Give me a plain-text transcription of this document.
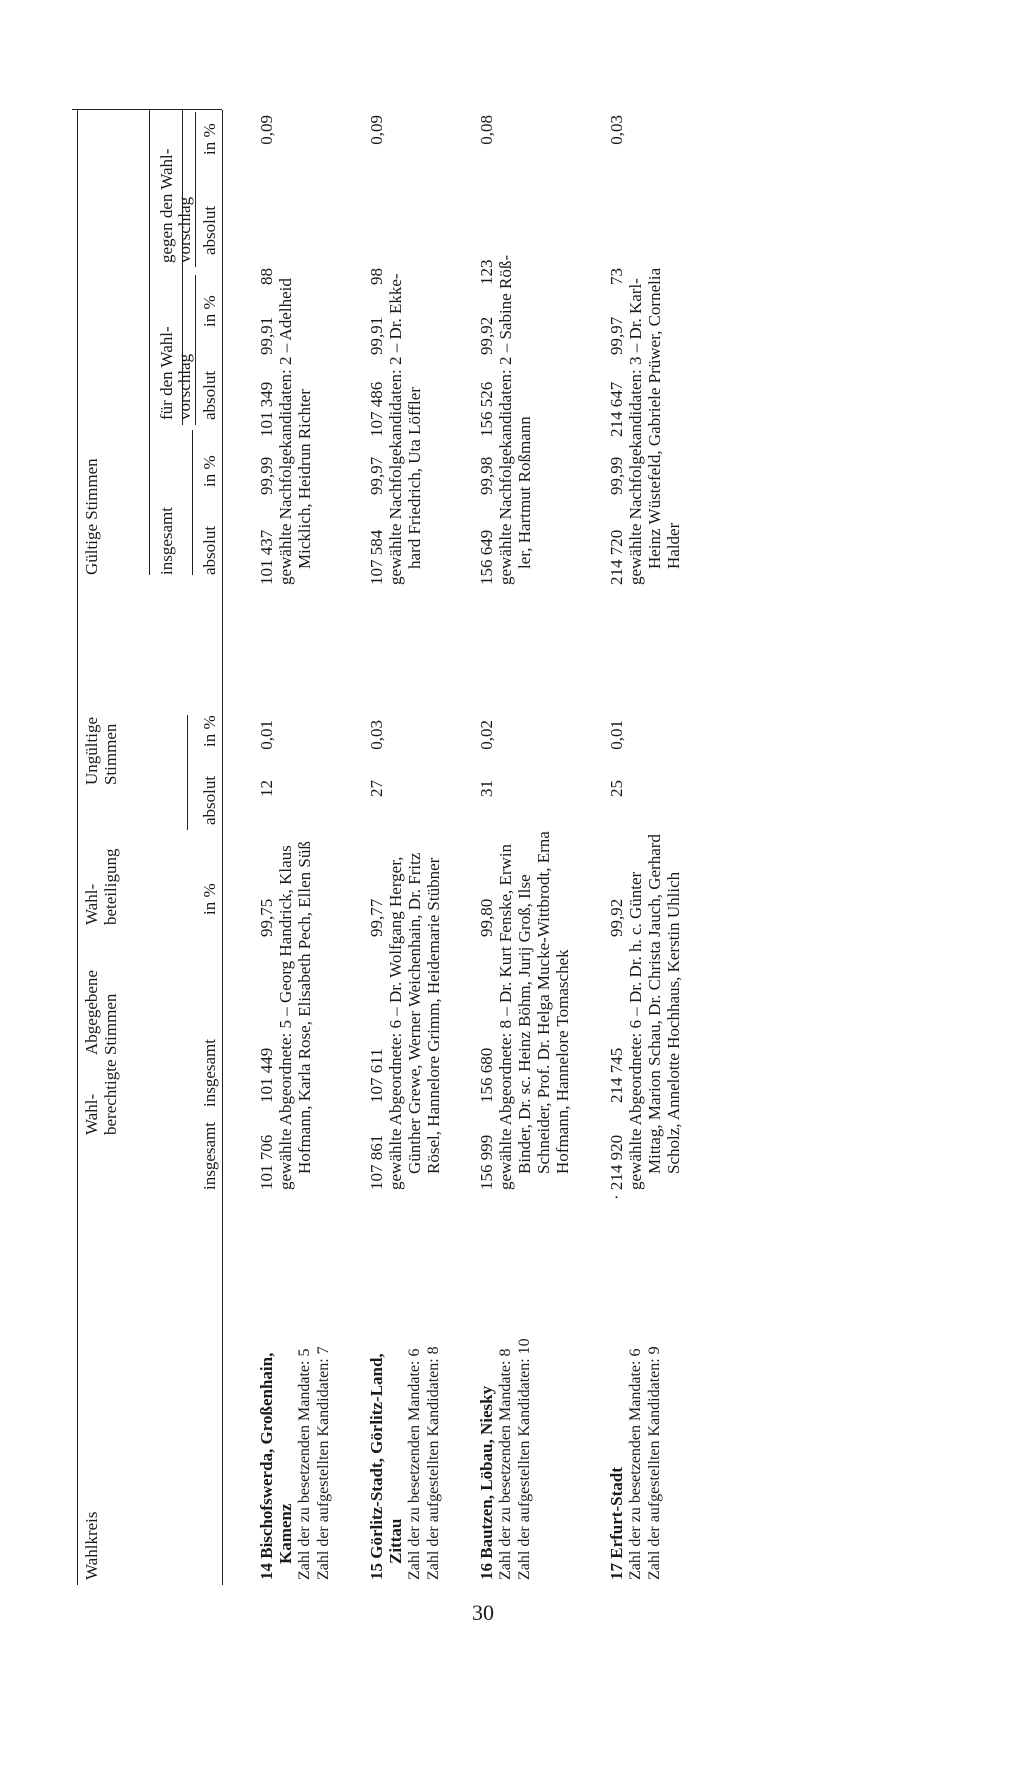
Wahlkreis
Wahl- berechtigte
Abgegebene Stimmen
Wahl- beteiligung
Ungültige Stimmen
Gültige Stimmen	insgesamt
für den Wahl- vorschlag
gegen den Wahl- vorschlag
insgesamt
insgesamt
in %
absolut
in %
absolut
in %
absolut
in %
absolut
in %
14 Bischofswerda, Großenhain, Kamenz Zahl der zu besetzenden Mandate: 5 Zahl der aufgestellten Kandidaten: 7
101 706
101 449
99,75
12
0,01
101 437
99,99
101 349
99,91
88
0,09
gewählte Abgeordnete: 5 – Georg Handrick, Klaus Hofmann, Karla Rose, Elisabeth Pech, Ellen Süß
gewählte Nachfolgekandidaten: 2 – Adelheid Micklich, Heidrun Richter
15 Görlitz-Stadt, Görlitz-Land, Zittau Zahl der zu besetzenden Mandate: 6 Zahl der aufgestellten Kandidaten: 8
107 861
107 611
99,77
27
0,03
107 584
99,97
107 486
99,91
98
0,09
gewählte Abgeordnete: 6 – Dr. Wolfgang Herger, Günther Grewe, Werner Weichenhain, Dr. Fritz Rösel, Hannelore Grimm, Heidemarie Stübner
gewählte Nachfolgekandidaten: 2 – Dr. Ekke- hard Friedrich, Uta Löffler
16 Bautzen, Löbau, Niesky Zahl der zu besetzenden Mandate: 8 Zahl der aufgestellten Kandidaten: 10
156 999
156 680
99,80
31
0,02
156 649
99,98
156 526
99,92
123
0,08
gewählte Abgeordnete: 8 – Dr. Kurt Fenske, Erwin Binder, Dr. sc. Heinz Böhm, Jurij Groß, Ilse Schneider, Prof. Dr. Helga Mucke-Wittbrodt, Erna Hofmann, Hannelore Tomaschek
gewählte Nachfolgekandidaten: 2 – Sabine Röß- ler, Hartmut Roßmann
17 Erfurt-Stadt Zahl der zu besetzenden Mandate: 6 Zahl der aufgestellten Kandidaten: 9
· 214 920
214 745
99,92
25
0,01
214 720
99,99
214 647
99,97
73
0,03
gewählte Abgeordnete: 6 – Dr. Dr. h. c. Günter Mittag, Marion Schau, Dr. Christa Jauch, Gerhard Scholz, Annelotte Hochhaus, Kerstin Uhlich
gewählte Nachfolgekandidaten: 3 – Dr. Karl- Heinz Wüstefeld, Gabriele Prüwer, Cornelia Halder
30
